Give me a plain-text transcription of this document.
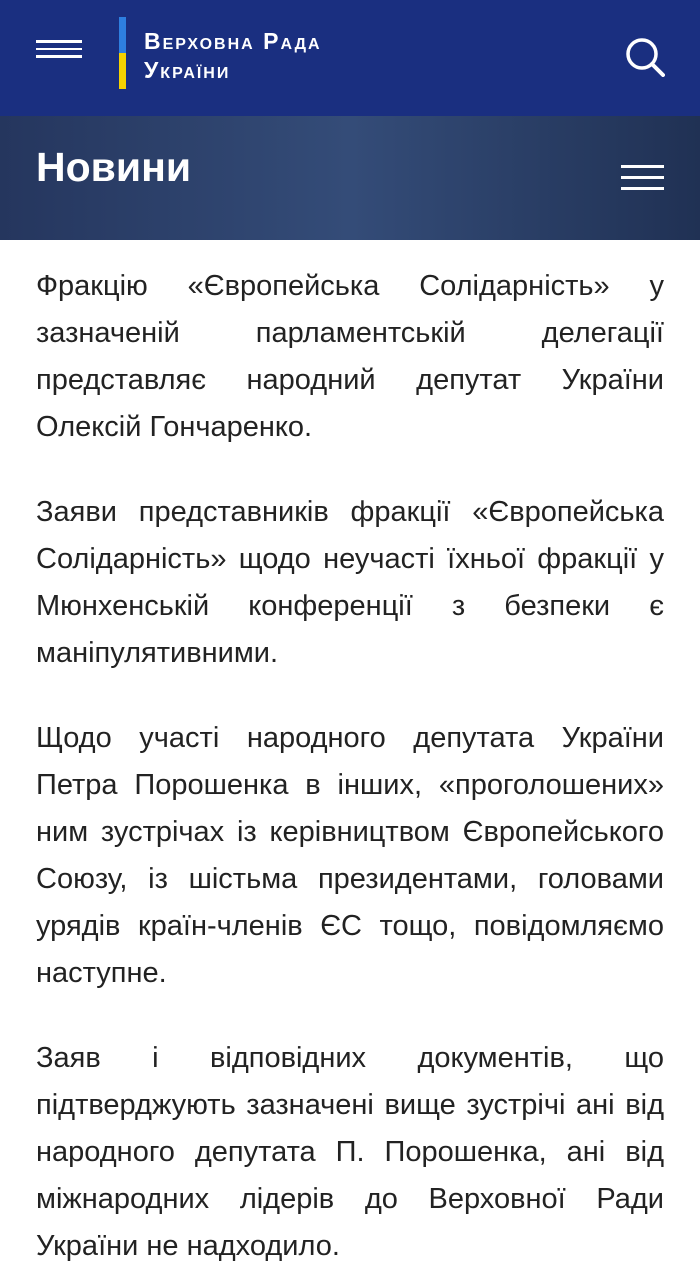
Верховна Рада
України
Новини

Фракцію «Європейська Солідарність» у зазначеній парламентській делегації представляє народний депутат України Олексій Гончаренко.

Заяви представників фракції «Європейська Солідарність» щодо неучасті їхньої фракції у Мюнхенській конференції з безпеки є маніпулятивними.

Щодо участі народного депутата України Петра Порошенка в інших, «проголошених» ним зустрічах із керівництвом Європейського Союзу, із шістьма президентами, головами урядів країн-членів ЄС тощо, повідомляємо наступне.

Заяв і відповідних документів, що підтверджують зазначені вище зустрічі ані від народного депутата П. Порошенка, ані від міжнародних лідерів до Верховної Ради України не надходило.
